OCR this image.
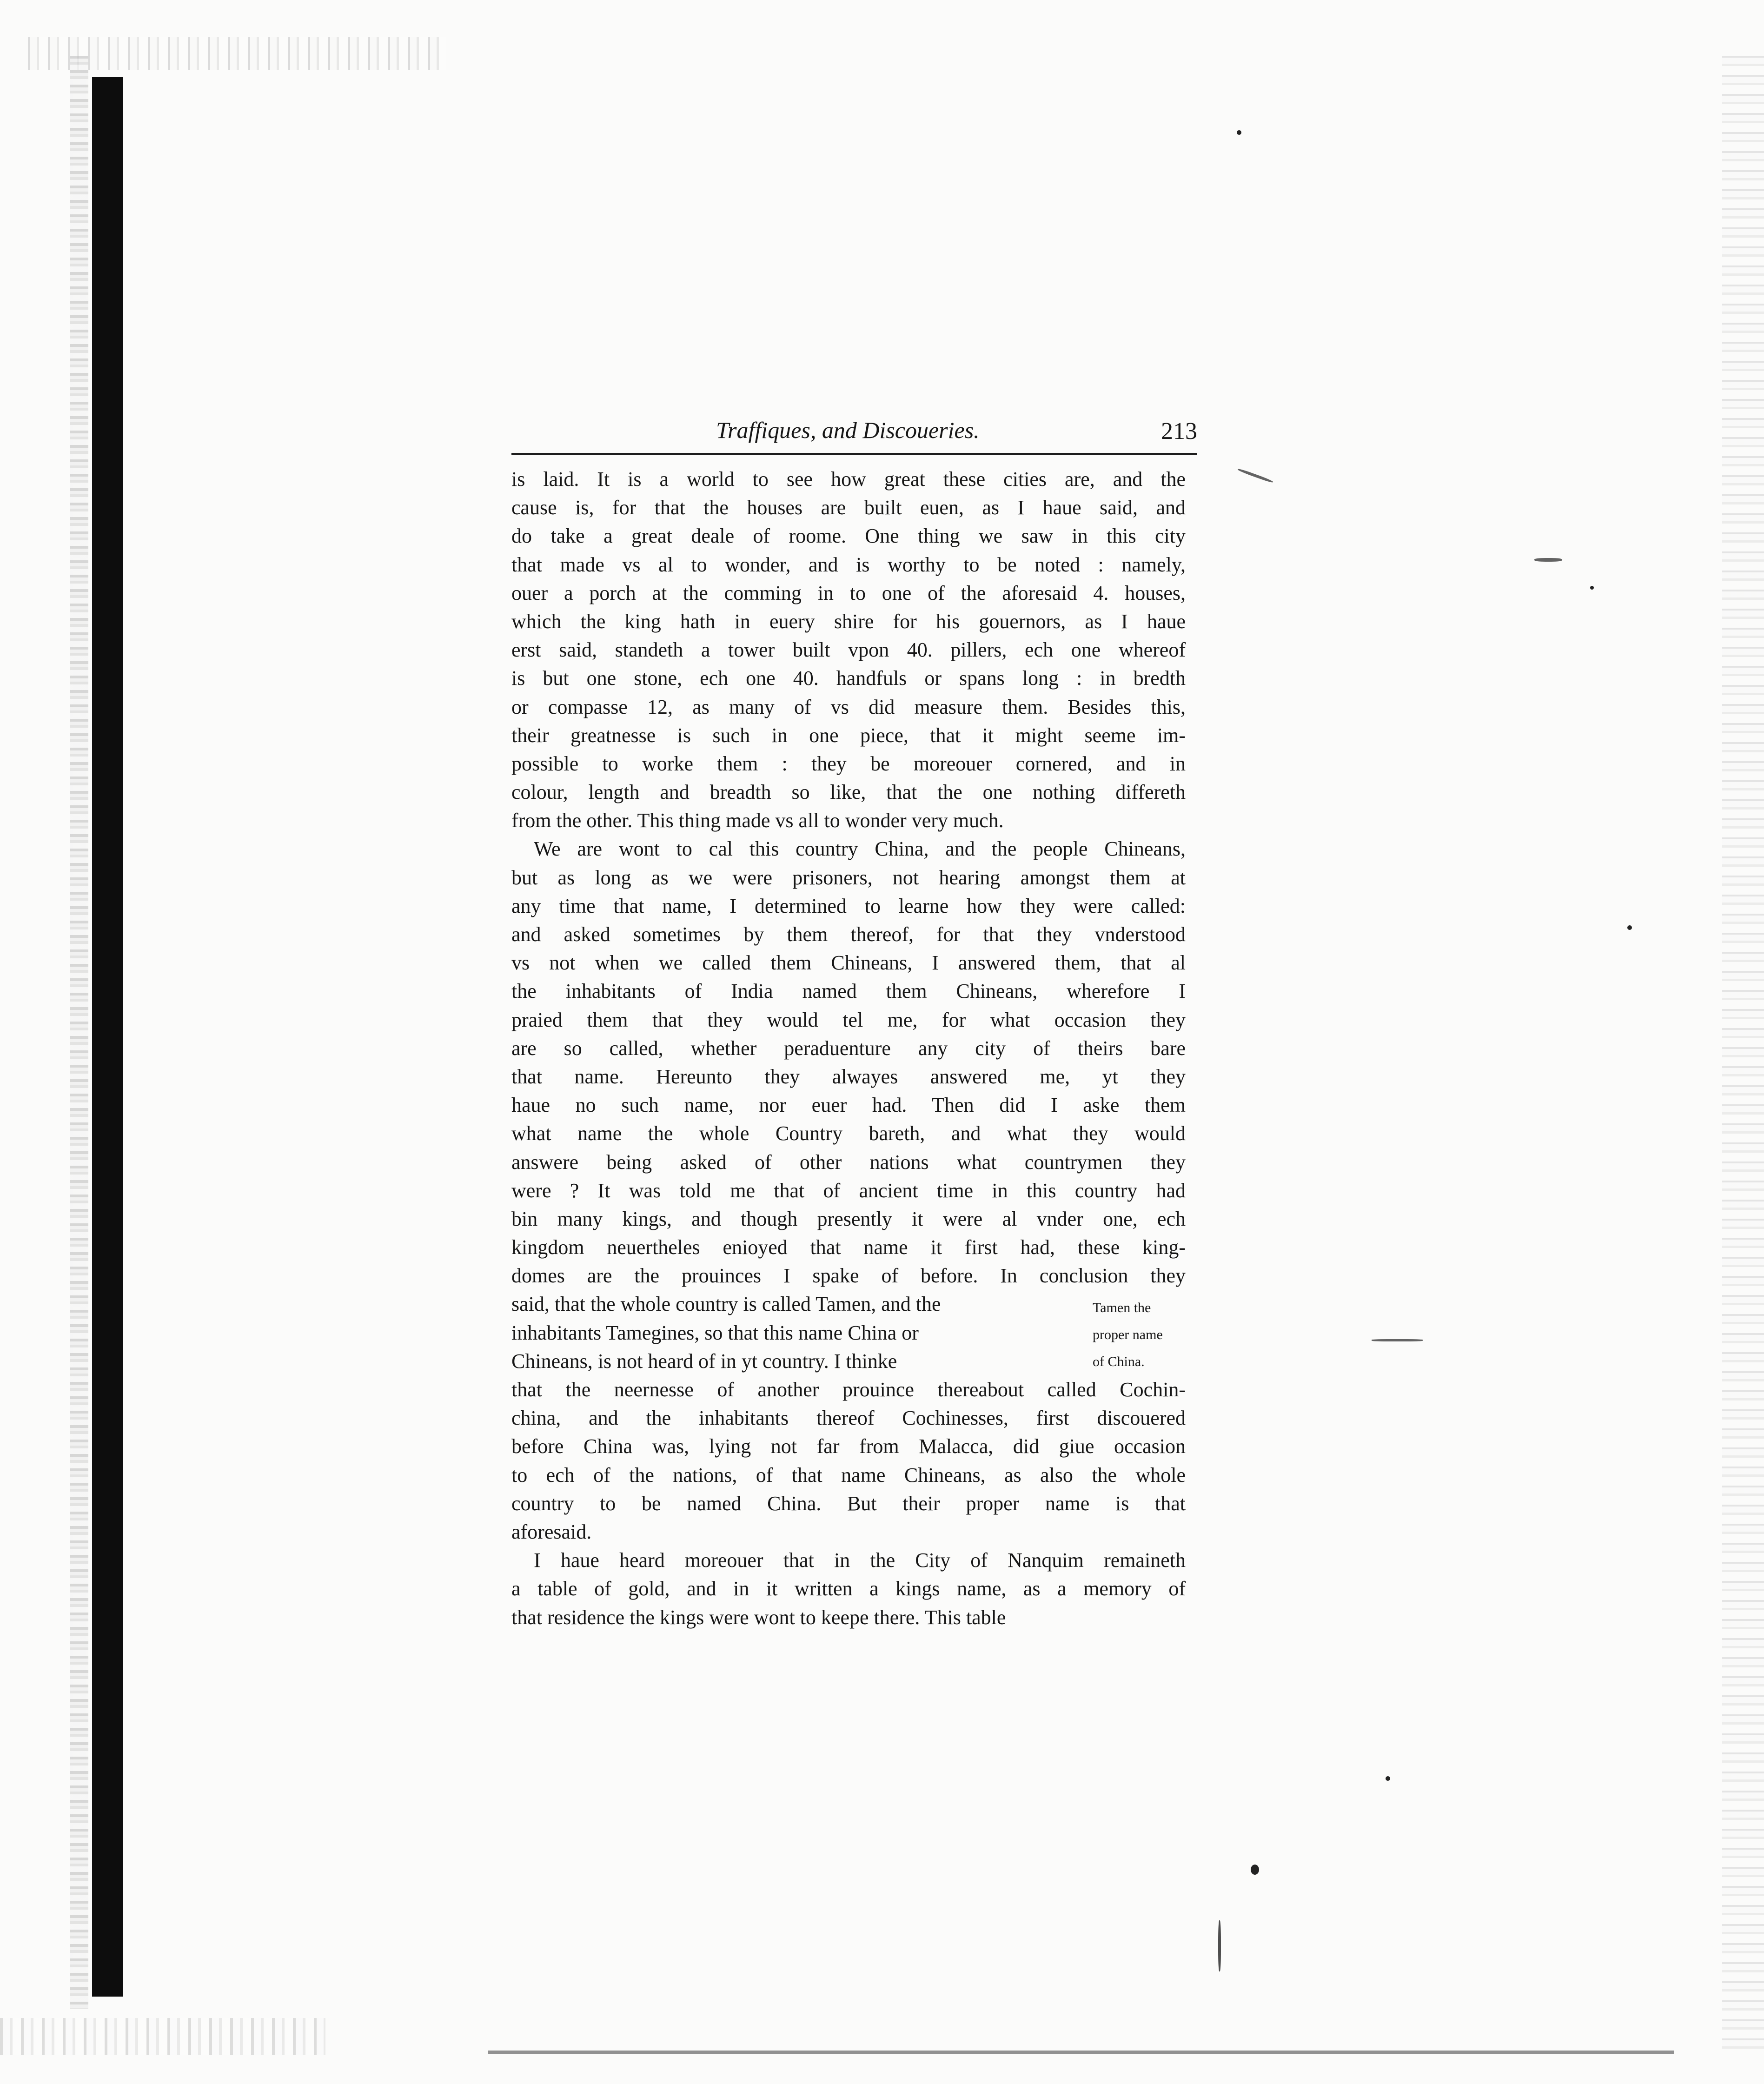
Traffiques, and Discoueries.	213

is laid. It is a world to see how great these cities are, and the
cause is, for that the houses are built euen, as I haue said, and
do take a great deale of roome. One thing we saw in this city
that made vs al to wonder, and is worthy to be noted : namely,
ouer a porch at the comming in to one of the aforesaid 4. houses,
which the king hath in euery shire for his gouernors, as I haue
erst said, standeth a tower built vpon 40. pillers, ech one whereof
is but one stone, ech one 40. handfuls or spans long : in bredth
or compasse 12, as many of vs did measure them. Besides this,
their greatnesse is such in one piece, that it might seeme im-
possible to worke them : they be moreouer cornered, and in
colour, length and breadth so like, that the one nothing differeth
from the other. This thing made vs all to wonder very much.

We are wont to cal this country China, and the people Chineans,
but as long as we were prisoners, not hearing amongst them at
any time that name, I determined to learne how they were called:
and asked sometimes by them thereof, for that they vnderstood
vs not when we called them Chineans, I answered them, that al
the inhabitants of India named them Chineans, wherefore I
praied them that they would tel me, for what occasion they
are so called, whether peraduenture any city of theirs bare
that name. Hereunto they alwayes answered me, yt they
haue no such name, nor euer had. Then did I aske them
what name the whole Country bareth, and what they would
answere being asked of other nations what countrymen they
were ? It was told me that of ancient time in this country had
bin many kings, and though presently it were al vnder one, ech
kingdom neuertheles enioyed that name it first had, these king-
domes are the prouinces I spake of before. In conclusion they
said, that the whole country is called Tamen, and the
inhabitants Tamegines, so that this name China or
Chineans, is not heard of in yt country. I thinke
that the neernesse of another prouince thereabout called Cochin-
china, and the inhabitants thereof Cochinesses, first discouered
before China was, lying not far from Malacca, did giue occasion
to ech of the nations, of that name Chineans, as also the whole
country to be named China. But their proper name is that
aforesaid.

I haue heard moreouer that in the City of Nanquim remaineth
a table of gold, and in it written a kings name, as a memory of
that residence the kings were wont to keepe there. This table

Tamen the
proper name
of China.
